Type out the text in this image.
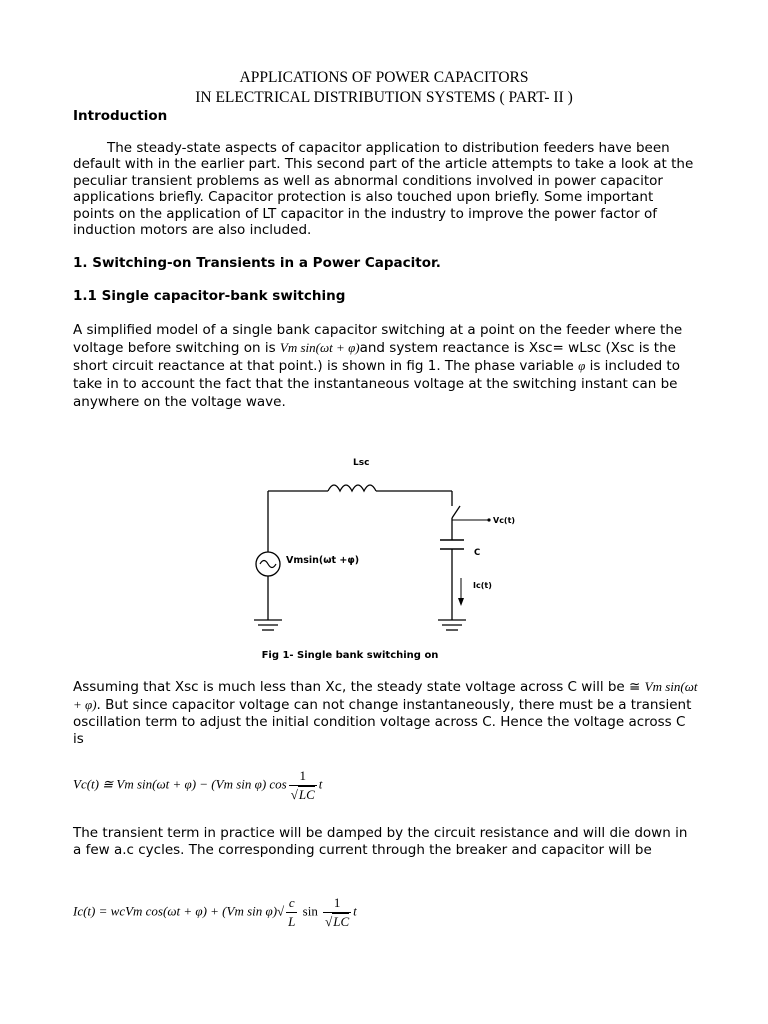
APPLICATIONS OF POWER CAPACITORS
IN ELECTRICAL DISTRIBUTION SYSTEMS ( PART- II )
Introduction

The steady-state aspects of capacitor application to distribution feeders have been default with in the earlier part. This second part of the article attempts to take a look at the peculiar transient problems as well as abnormal conditions involved in power capacitor applications briefly. Capacitor protection is also touched upon briefly. Some important points on the application of LT capacitor in the industry to improve the power factor of induction motors are also included.

1. Switching-on Transients in a Power Capacitor.
1.1 Single capacitor-bank switching

A simplified model of a single bank capacitor switching at a point on the feeder where the voltage before switching on is Vm sin(ωt + φ)and system reactance is Xsc= wLsc (Xsc is the short circuit reactance at that point.) is shown in fig 1. The phase variable φ is included to take in to account the fact that the instantaneous voltage at the switching instant can be anywhere on the voltage wave.

Lsc
Vmsin(ωt +φ)
Vc(t)
C
Ic(t)
Fig 1- Single bank switching on

Assuming that Xsc is much less than Xc, the steady state voltage across C will be ≅ Vm sin(ωt + φ). But since capacitor voltage can not change instantaneously, there must be a transient oscillation term to adjust the initial condition voltage across C. Hence the voltage across C is

Vc(t) ≅ Vm sin(ωt + φ) − (Vm sin φ) $\cos \frac{1}{√LC}$ t

The transient term in practice will be damped by the circuit resistance and will die down in a few a.c cycles. The corresponding current through the breaker and capacitor will be

Ic(t) = wcVm cos(ωt + φ) + (Vm $\sin \varphi)√ \frac{c}{L}$ $\sin \frac{1}{√LC}$ t
